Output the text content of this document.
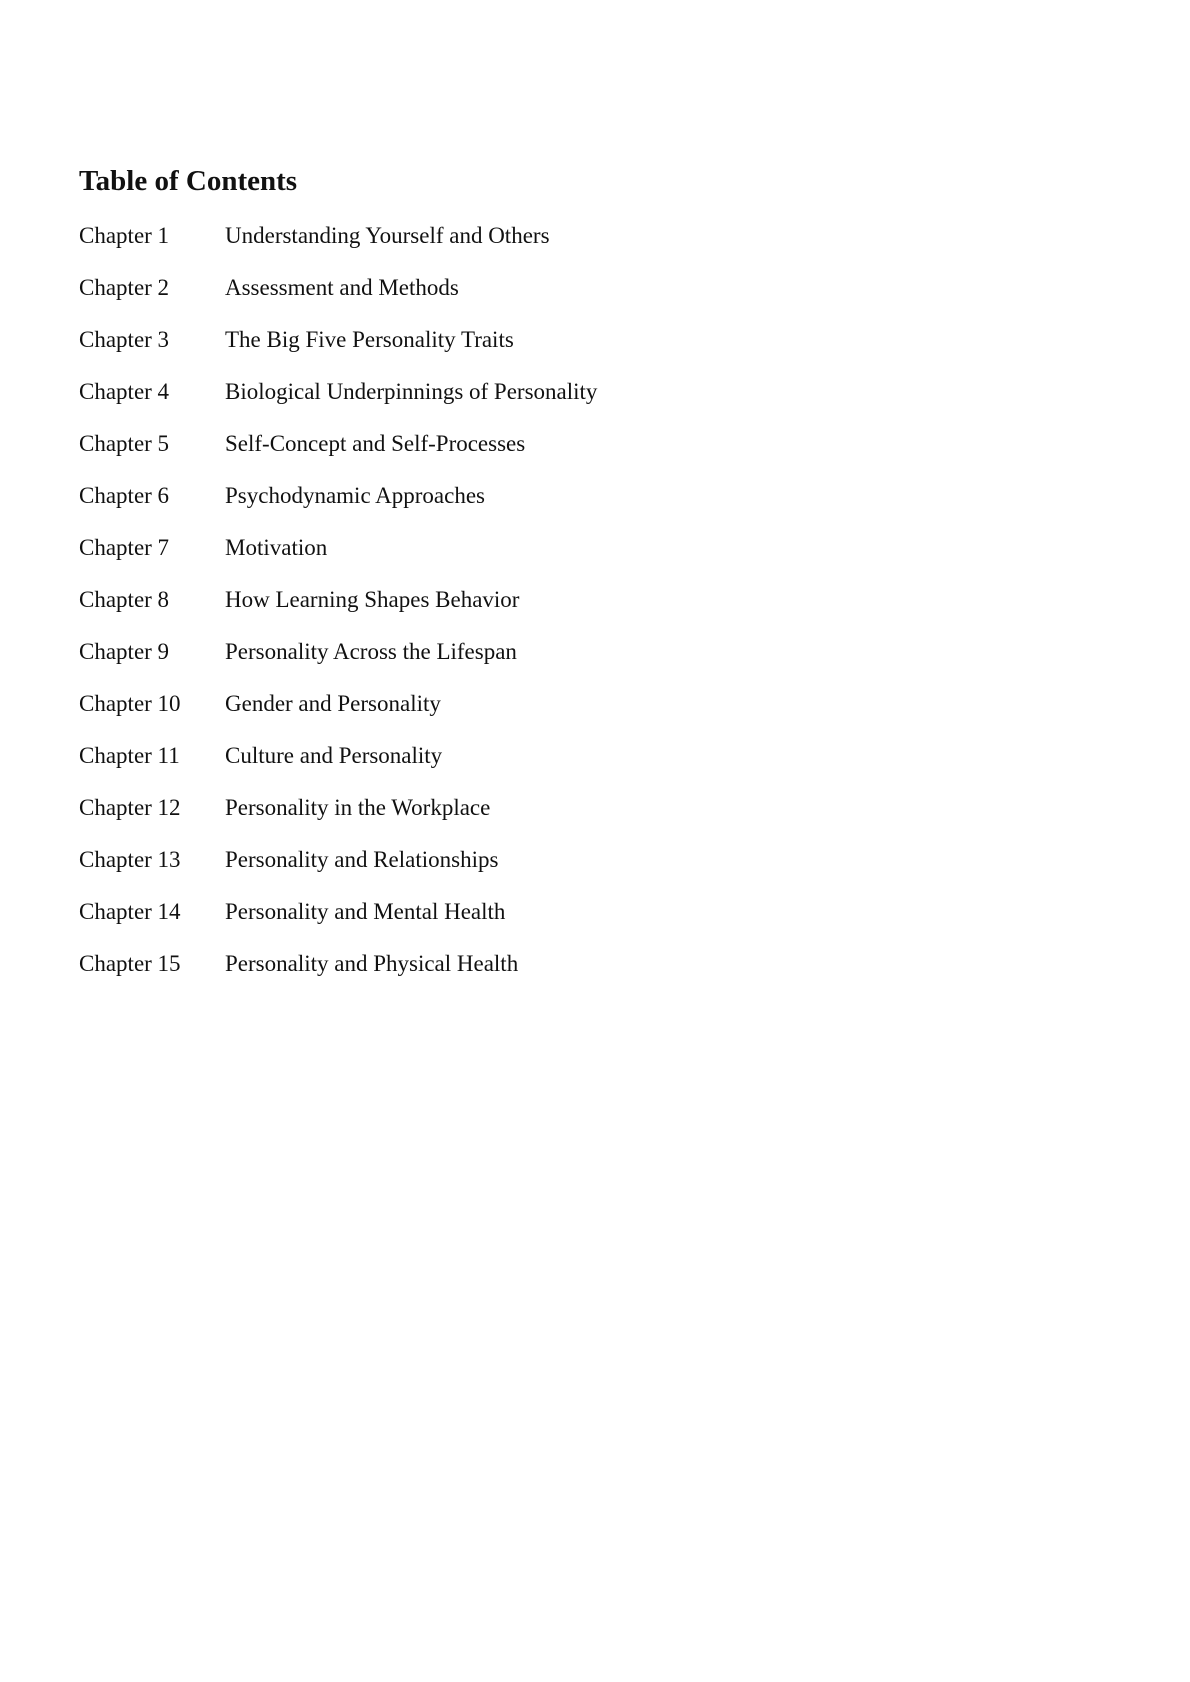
Table of Contents
Chapter 1	Understanding Yourself and Others
Chapter 2	Assessment and Methods
Chapter 3	The Big Five Personality Traits
Chapter 4	Biological Underpinnings of Personality
Chapter 5	Self-Concept and Self-Processes
Chapter 6	Psychodynamic Approaches
Chapter 7	Motivation
Chapter 8	How Learning Shapes Behavior
Chapter 9	Personality Across the Lifespan
Chapter 10	Gender and Personality
Chapter 11	Culture and Personality
Chapter 12	Personality in the Workplace
Chapter 13	Personality and Relationships
Chapter 14	Personality and Mental Health
Chapter 15	Personality and Physical Health
